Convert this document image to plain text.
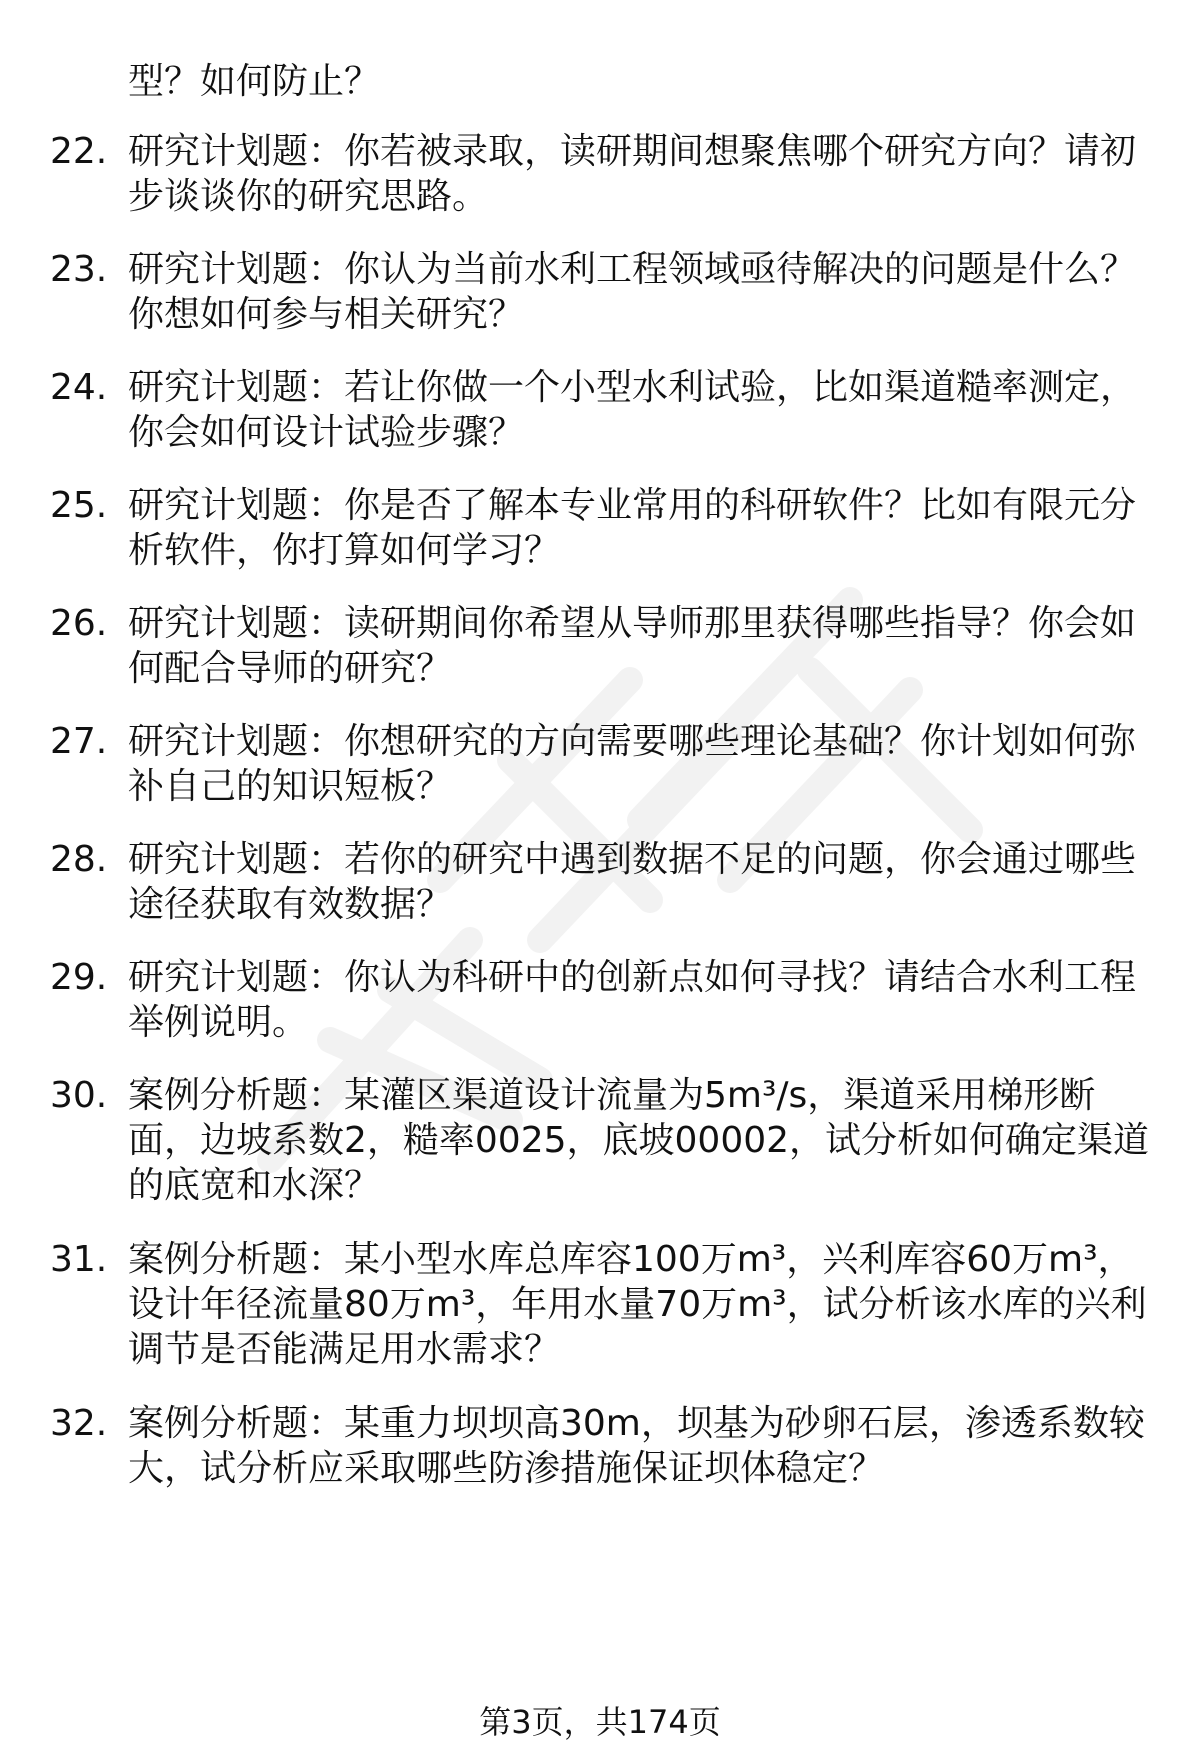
型？如何防止？
22. 研究计划题：你若被录取，读研期间想聚焦哪个研究方向？请初
步谈谈你的研究思路。
23. 研究计划题：你认为当前水利工程领域亟待解决的问题是什么？
你想如何参与相关研究？
24. 研究计划题：若让你做一个小型水利试验，比如渠道糙率测定，
你会如何设计试验步骤？
25. 研究计划题：你是否了解本专业常用的科研软件？比如有限元分
析软件，你打算如何学习？
26. 研究计划题：读研期间你希望从导师那里获得哪些指导？你会如
何配合导师的研究？
27. 研究计划题：你想研究的方向需要哪些理论基础？你计划如何弥
补自己的知识短板？
28. 研究计划题：若你的研究中遇到数据不足的问题，你会通过哪些
途径获取有效数据？
29. 研究计划题：你认为科研中的创新点如何寻找？请结合水利工程
举例说明。
30. 案例分析题：某灌区渠道设计流量为5m³/s，渠道采用梯形断
面，边坡系数2，糙率0025，底坡00002，试分析如何确定渠道
的底宽和水深？
31. 案例分析题：某小型水库总库容100万m³，兴利库容60万m³，
设计年径流量80万m³，年用水量70万m³，试分析该水库的兴利
调节是否能满足用水需求？
32. 案例分析题：某重力坝坝高30m，坝基为砂卵石层，渗透系数较
大，试分析应采取哪些防渗措施保证坝体稳定？
第3页，共174页
